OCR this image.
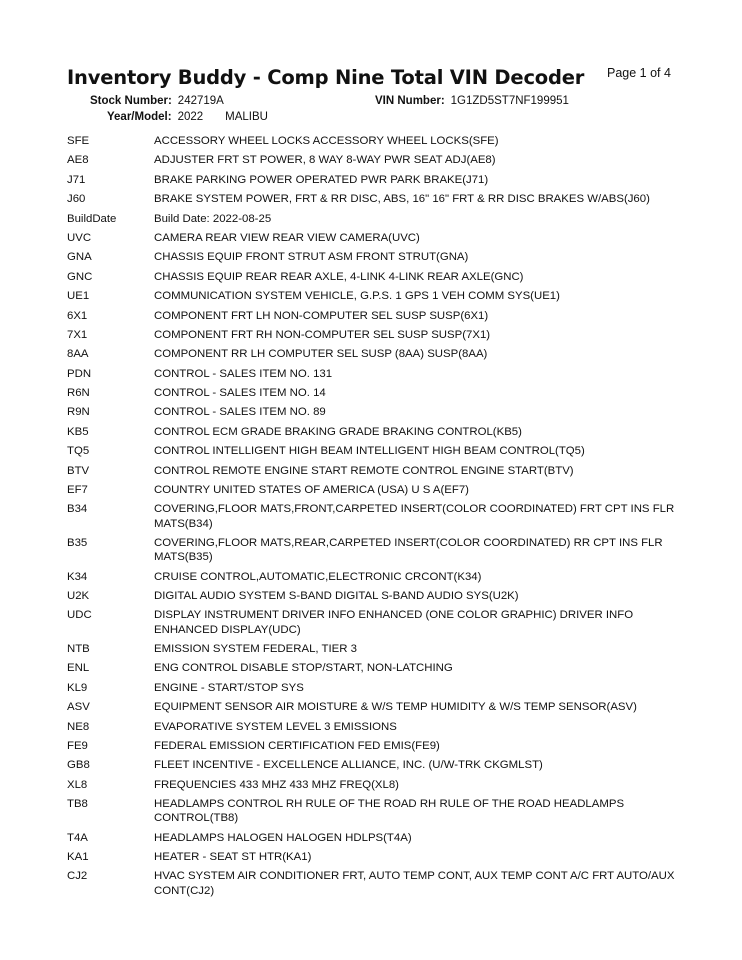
Inventory Buddy - Comp Nine Total VIN Decoder Page 1 of 4
Stock Number: 242719A	VIN Number: 1G1ZD5ST7NF199951
Year/Model: 2022 MALIBU
SFE	ACCESSORY WHEEL LOCKS ACCESSORY WHEEL LOCKS(SFE)
AE8	ADJUSTER FRT ST POWER, 8 WAY 8-WAY PWR SEAT ADJ(AE8)
J71	BRAKE PARKING POWER OPERATED PWR PARK BRAKE(J71)
J60	BRAKE SYSTEM POWER, FRT & RR DISC, ABS, 16" 16" FRT & RR DISC BRAKES W/ABS(J60)
BuildDate	Build Date: 2022-08-25
UVC	CAMERA REAR VIEW REAR VIEW CAMERA(UVC)
GNA	CHASSIS EQUIP FRONT STRUT ASM FRONT STRUT(GNA)
GNC	CHASSIS EQUIP REAR REAR AXLE, 4-LINK 4-LINK REAR AXLE(GNC)
UE1	COMMUNICATION SYSTEM VEHICLE, G.P.S. 1 GPS 1 VEH COMM SYS(UE1)
6X1	COMPONENT FRT LH NON-COMPUTER SEL SUSP SUSP(6X1)
7X1	COMPONENT FRT RH NON-COMPUTER SEL SUSP SUSP(7X1)
8AA	COMPONENT RR LH COMPUTER SEL SUSP (8AA) SUSP(8AA)
PDN	CONTROL - SALES ITEM NO. 131
R6N	CONTROL - SALES ITEM NO. 14
R9N	CONTROL - SALES ITEM NO. 89
KB5	CONTROL ECM GRADE BRAKING GRADE BRAKING CONTROL(KB5)
TQ5	CONTROL INTELLIGENT HIGH BEAM INTELLIGENT HIGH BEAM CONTROL(TQ5)
BTV	CONTROL REMOTE ENGINE START REMOTE CONTROL ENGINE START(BTV)
EF7	COUNTRY UNITED STATES OF AMERICA (USA) U S A(EF7)
B34	COVERING,FLOOR MATS,FRONT,CARPETED INSERT(COLOR COORDINATED) FRT CPT INS FLR MATS(B34)
B35	COVERING,FLOOR MATS,REAR,CARPETED INSERT(COLOR COORDINATED) RR CPT INS FLR MATS(B35)
K34	CRUISE CONTROL,AUTOMATIC,ELECTRONIC CRCONT(K34)
U2K	DIGITAL AUDIO SYSTEM S-BAND DIGITAL S-BAND AUDIO SYS(U2K)
UDC	DISPLAY INSTRUMENT DRIVER INFO ENHANCED (ONE COLOR GRAPHIC) DRIVER INFO ENHANCED DISPLAY(UDC)
NTB	EMISSION SYSTEM FEDERAL, TIER 3
ENL	ENG CONTROL DISABLE STOP/START, NON-LATCHING
KL9	ENGINE - START/STOP SYS
ASV	EQUIPMENT SENSOR AIR MOISTURE & W/S TEMP HUMIDITY & W/S TEMP SENSOR(ASV)
NE8	EVAPORATIVE SYSTEM LEVEL 3 EMISSIONS
FE9	FEDERAL EMISSION CERTIFICATION FED EMIS(FE9)
GB8	FLEET INCENTIVE - EXCELLENCE ALLIANCE, INC. (U/W-TRK CKGMLST)
XL8	FREQUENCIES 433 MHZ 433 MHZ FREQ(XL8)
TB8	HEADLAMPS CONTROL RH RULE OF THE ROAD RH RULE OF THE ROAD HEADLAMPS CONTROL(TB8)
T4A	HEADLAMPS HALOGEN HALOGEN HDLPS(T4A)
KA1	HEATER - SEAT ST HTR(KA1)
CJ2	HVAC SYSTEM AIR CONDITIONER FRT, AUTO TEMP CONT, AUX TEMP CONT A/C FRT AUTO/AUX CONT(CJ2)
